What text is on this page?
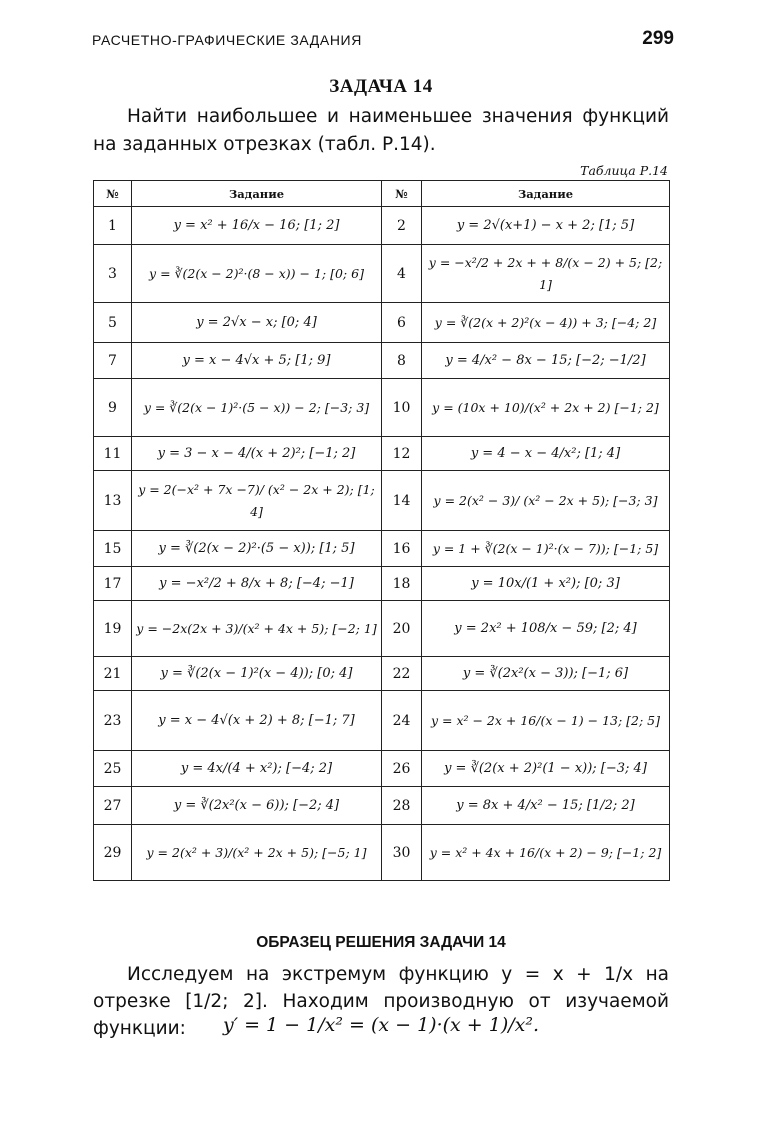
РАСЧЕТНО-ГРАФИЧЕСКИЕ ЗАДАНИЯ	299
ЗАДАЧА 14
Найти наибольшее и наименьшее значения функций на заданных отрезках (табл. Р.14).
Таблица Р.14
№	Задание	№	Задание
1	y = x² + 16/x − 16; [1; 2]	2	y = 2√(x+1) − x + 2; [1; 5]
3	y = ∛(2(x − 2)²·(8 − x)) − 1; [0; 6]	4	y = −x²/2 + 2x + + 8/(x − 2) + 5; [2; 1]
5	y = 2√x − x; [0; 4]	6	y = ∛(2(x + 2)²(x − 4)) + 3; [−4; 2]
7	y = x − 4√x + 5; [1; 9]	8	y = 4/x² − 8x − 15; [−2; −1/2]
9	y = ∛(2(x − 1)²·(5 − x)) − 2; [−3; 3]	10	y = (10x + 10)/(x² + 2x + 2) [−1; 2]
11	y = 3 − x − 4/(x + 2)²; [−1; 2]	12	y = 4 − x − 4/x²; [1; 4]
13	y = 2(−x² + 7x −7)/ (x² − 2x + 2); [1; 4]	14	y = 2(x² − 3)/ (x² − 2x + 5); [−3; 3]
15	y = ∛(2(x − 2)²·(5 − x)); [1; 5]	16	y = 1 + ∛(2(x − 1)²·(x − 7)); [−1; 5]
17	y = −x²/2 + 8/x + 8; [−4; −1]	18	y = 10x/(1 + x²); [0; 3]
19	y = −2x(2x + 3)/(x² + 4x + 5); [−2; 1]	20	y = 2x² + 108/x − 59; [2; 4]
21	y = ∛(2(x − 1)²(x − 4)); [0; 4]	22	y = ∛(2x²(x − 3)); [−1; 6]
23	y = x − 4√(x + 2) + 8; [−1; 7]	24	y = x² − 2x + 16/(x − 1) − 13; [2; 5]
25	y = 4x/(4 + x²); [−4; 2]	26	y = ∛(2(x + 2)²(1 − x)); [−3; 4]
27	y = ∛(2x²(x − 6)); [−2; 4]	28	y = 8x + 4/x² − 15; [1/2; 2]
29	y = 2(x² + 3)/(x² + 2x + 5); [−5; 1]	30	y = x² + 4x + 16/(x + 2) − 9; [−1; 2]
ОБРАЗЕЦ РЕШЕНИЯ ЗАДАЧИ 14
Исследуем на экстремум функцию y = x + 1/x на отрезке [1/2; 2]. Находим производную от изучаемой функции:	y′ = 1 − 1/x² = (x − 1)·(x + 1)/x².
